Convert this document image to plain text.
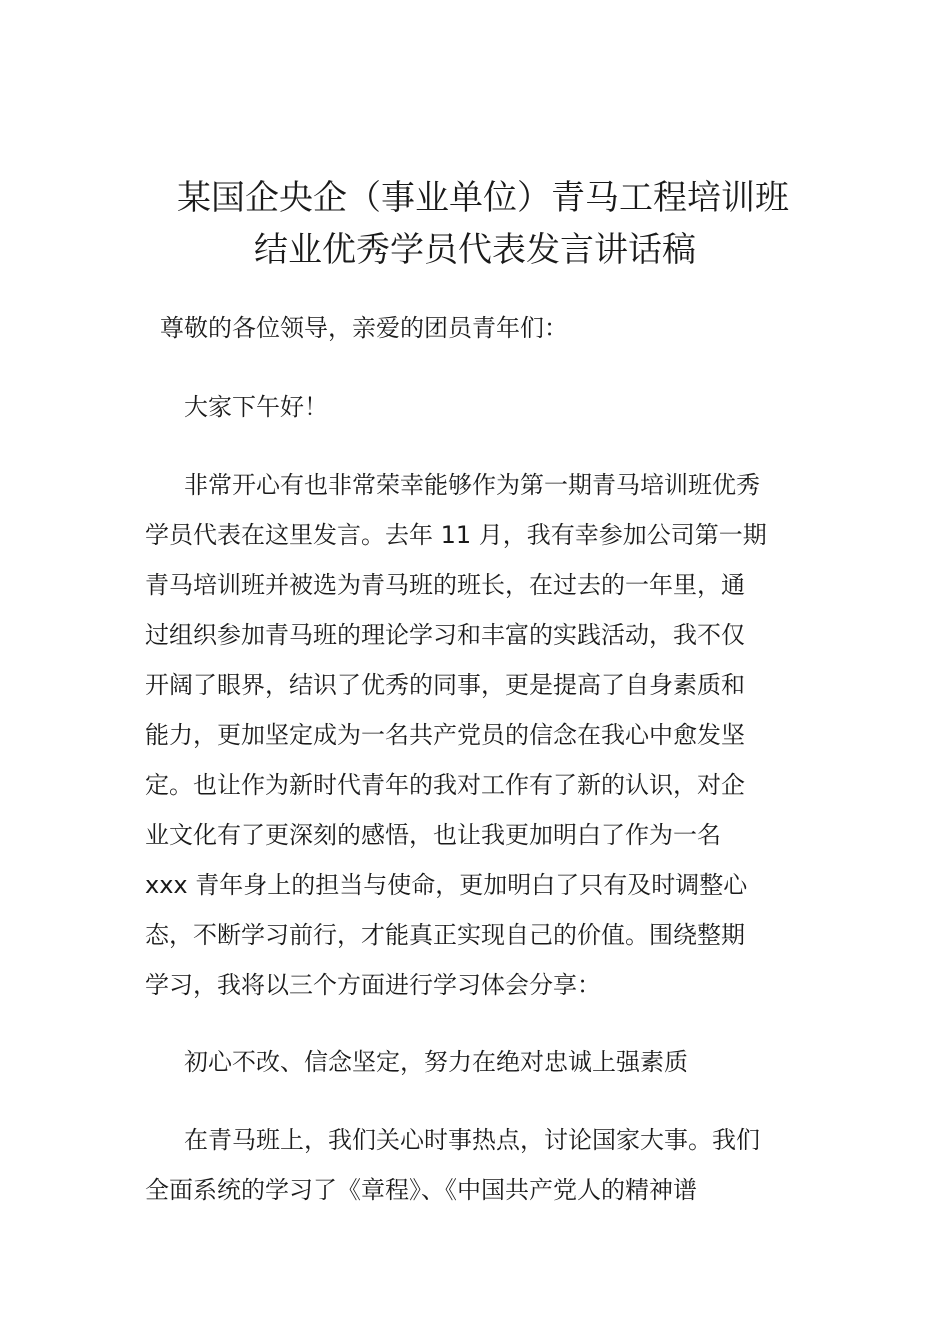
某国企央企（事业单位）青马工程培训班
结业优秀学员代表发言讲话稿
尊敬的各位领导，亲爱的团员青年们：
大家下午好！
非常开心有也非常荣幸能够作为第一期青马培训班优秀
学员代表在这里发言。去年 11 月，我有幸参加公司第一期
青马培训班并被选为青马班的班长，在过去的一年里，通
过组织参加青马班的理论学习和丰富的实践活动，我不仅
开阔了眼界，结识了优秀的同事，更是提高了自身素质和
能力，更加坚定成为一名共产党员的信念在我心中愈发坚
定。也让作为新时代青年的我对工作有了新的认识，对企
业文化有了更深刻的感悟，也让我更加明白了作为一名
xxx 青年身上的担当与使命，更加明白了只有及时调整心
态，不断学习前行，才能真正实现自己的价值。围绕整期
学习，我将以三个方面进行学习体会分享：
初心不改、信念坚定，努力在绝对忠诚上强素质
在青马班上，我们关心时事热点，讨论国家大事。我们
全面系统的学习了《章程》、《中国共产党人的精神谱
